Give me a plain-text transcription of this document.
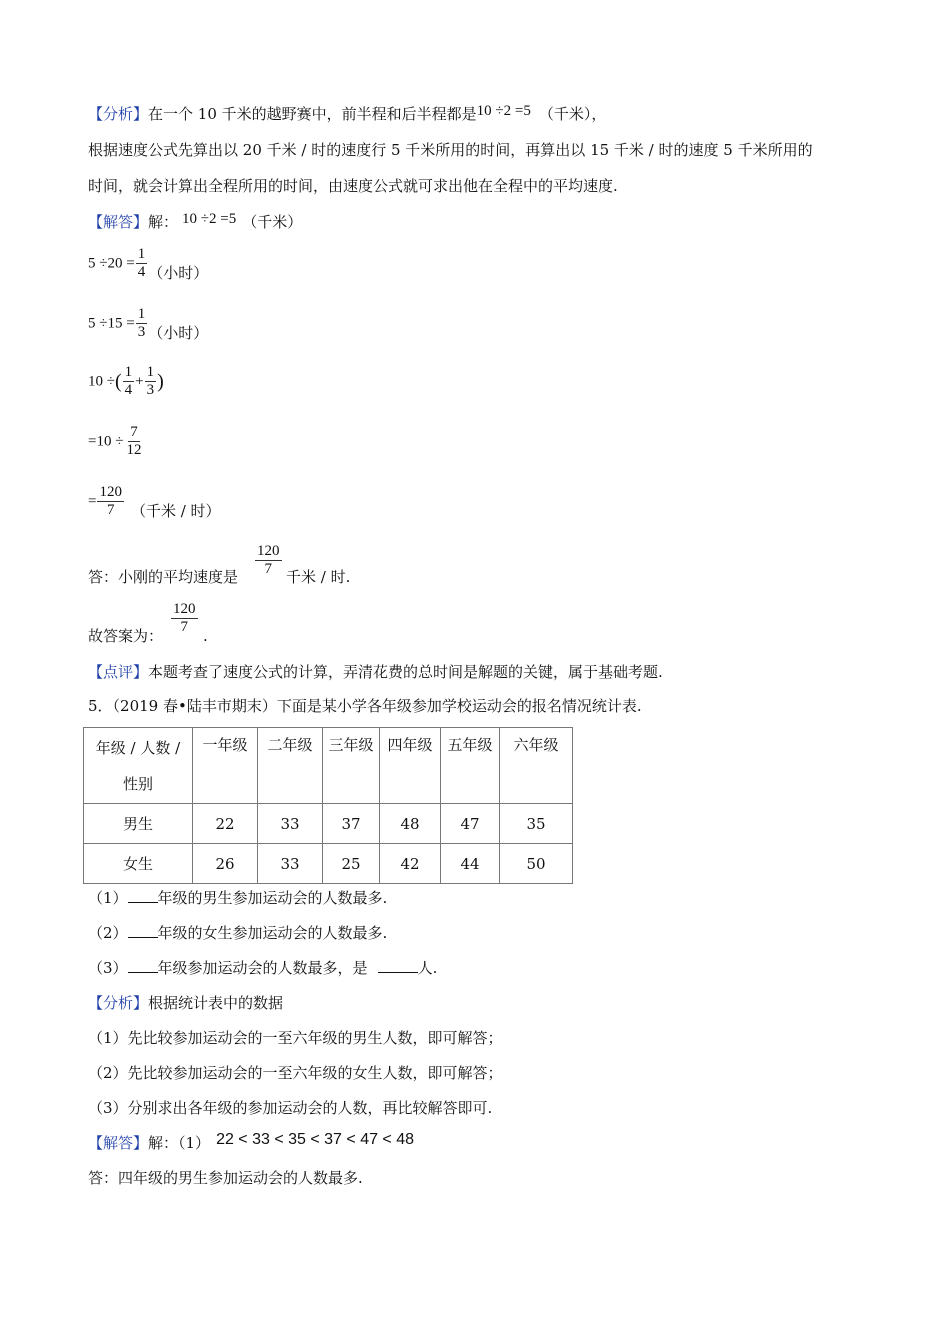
【分析】在一个 10 千米的越野赛中，前半程和后半程都是10 ÷2 =5 （千米），
根据速度公式先算出以 20 千米 / 时的速度行 5 千米所用的时间，再算出以 15 千米 / 时的速度 5 千米所用的
时间，就会计算出全程所用的时间，由速度公式就可求出他在全程中的平均速度.
【解答】解： 10 ÷2 =5 （千米）
$5 \div 20 = \frac{1}{4}$ （小时）
$5 \div 15 = \frac{1}{3}$ （小时）
10 ÷( $\frac{1}{4} + \frac{1}{3}$ )
$=10 \div \frac{7}{12}$
= $\frac{120}{7}$ （千米 / 时）
答：小刚的平均速度是 $\frac{120}{7}$ 千米 / 时.
故答案为： $\frac{120}{7}$ .
【点评】本题考查了速度公式的计算，弄清花费的总时间是解题的关键，属于基础考题.
5．（2019 春•陆丰市期末）下面是某小学各年级参加学校运动会的报名情况统计表.
年级 / 人数 /
性别	一年级	二年级	三年级	四年级	五年级	六年级
男生	22	33	37	48	47	35
女生	26	33	25	42	44	50
（1） 年级的男生参加运动会的人数最多.
（2） 年级的女生参加运动会的人数最多.
（3） 年级参加运动会的人数最多，是	人.
【分析】根据统计表中的数据
（1）先比较参加运动会的一至六年级的男生人数，即可解答；
（2）先比较参加运动会的一至六年级的女生人数，即可解答；
（3）分别求出各年级的参加运动会的人数，再比较解答即可.
【解答】解：（1） 22 < 33 < 35 < 37 < 47 < 48
答：四年级的男生参加运动会的人数最多.
